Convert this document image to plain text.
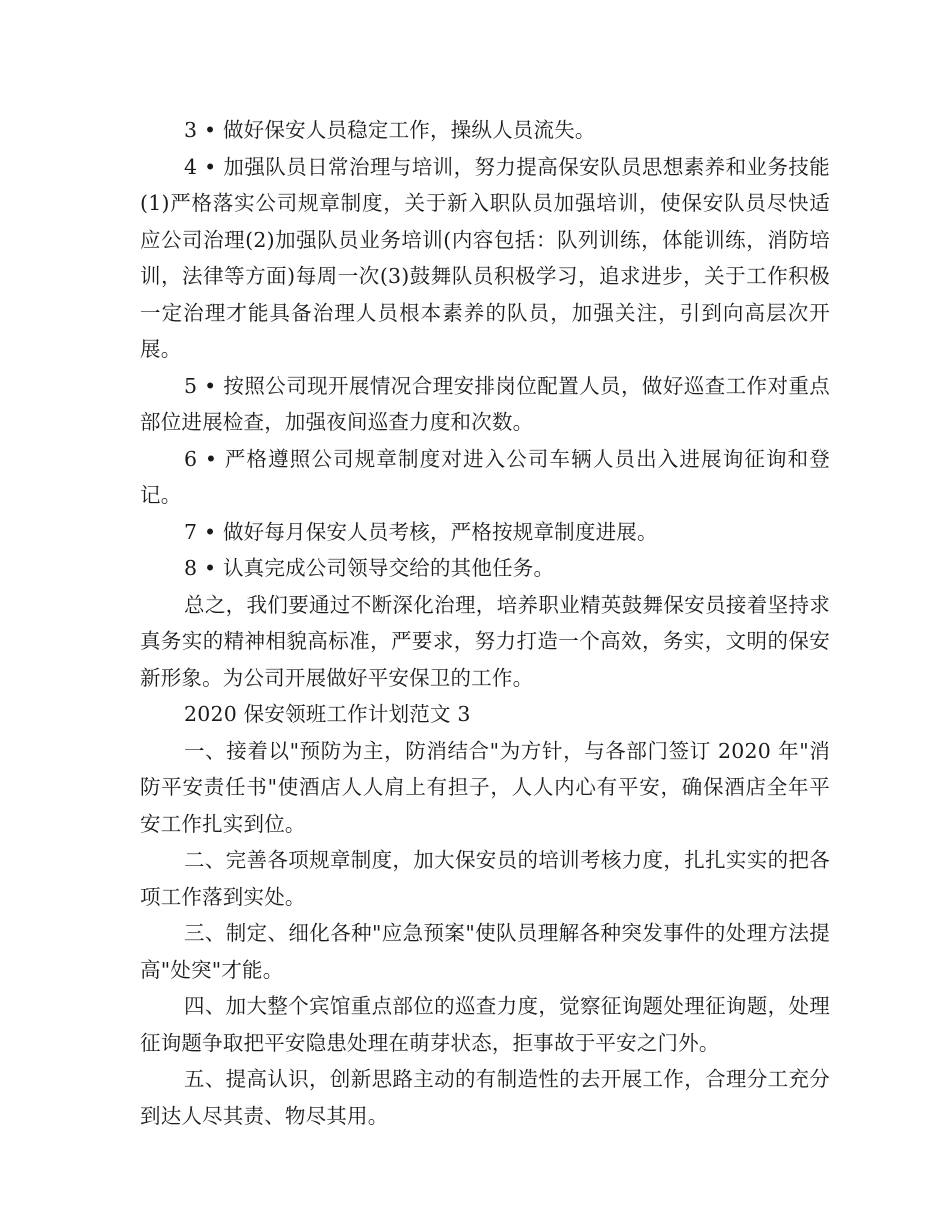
3 • 做好保安人员稳定工作，操纵人员流失。

4 • 加强队员日常治理与培训，努力提高保安队员思想素养和业务技能(1)严格落实公司规章制度，关于新入职队员加强培训，使保安队员尽快适应公司治理(2)加强队员业务培训(内容包括：队列训练，体能训练，消防培训，法律等方面)每周一次(3)鼓舞队员积极学习，追求进步，关于工作积极一定治理才能具备治理人员根本素养的队员，加强关注，引到向高层次开展。

5 • 按照公司现开展情况合理安排岗位配置人员，做好巡查工作对重点部位进展检查，加强夜间巡查力度和次数。

6 • 严格遵照公司规章制度对进入公司车辆人员出入进展询征询和登记。

7 • 做好每月保安人员考核，严格按规章制度进展。

8 • 认真完成公司领导交给的其他任务。

总之，我们要通过不断深化治理，培养职业精英鼓舞保安员接着坚持求真务实的精神相貌高标准，严要求，努力打造一个高效，务实，文明的保安新形象。为公司开展做好平安保卫的工作。

2020 保安领班工作计划范文 3

一、接着以"预防为主，防消结合"为方针，与各部门签订 2020 年"消防平安责任书"使酒店人人肩上有担子，人人内心有平安，确保酒店全年平安工作扎实到位。

二、完善各项规章制度，加大保安员的培训考核力度，扎扎实实的把各项工作落到实处。

三、制定、细化各种"应急预案"使队员理解各种突发事件的处理方法提高"处突"才能。

四、加大整个宾馆重点部位的巡查力度，觉察征询题处理征询题，处理征询题争取把平安隐患处理在萌芽状态，拒事故于平安之门外。

五、提高认识，创新思路主动的有制造性的去开展工作，合理分工充分到达人尽其责、物尽其用。
